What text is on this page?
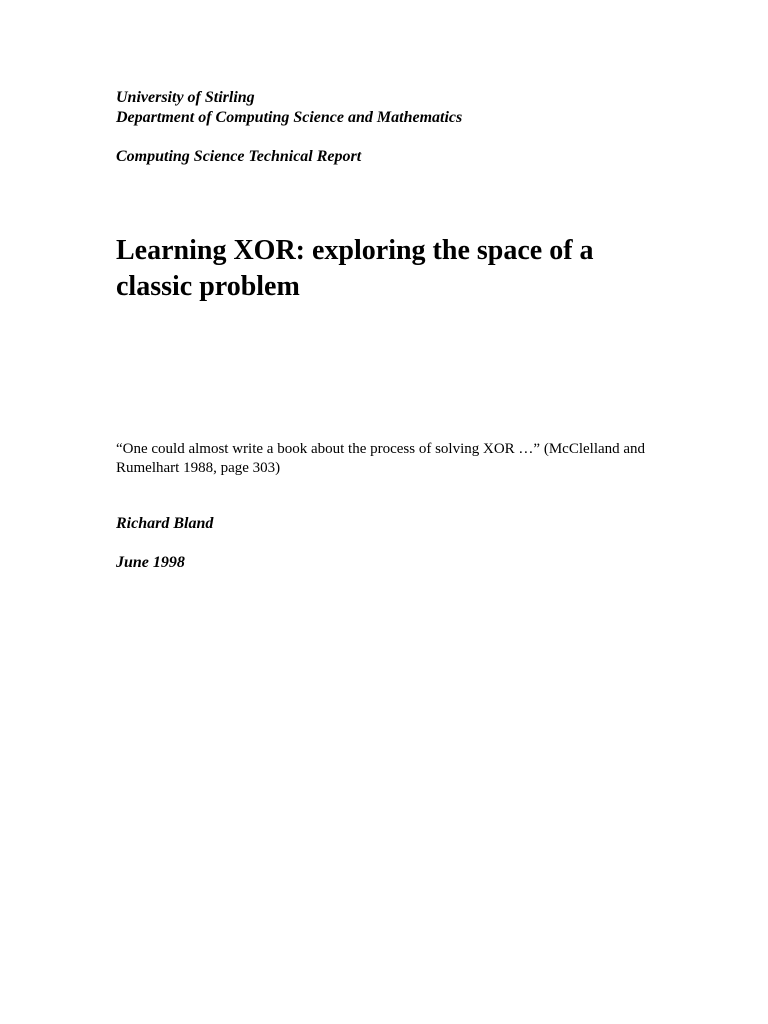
University of Stirling

Department of Computing Science and Mathematics

Computing Science Technical Report

Learning XOR: exploring the space of a classic problem

“One could almost write a book about the process of solving XOR …” (McClelland and Rumelhart 1988, page 303)

Richard Bland

June 1998
